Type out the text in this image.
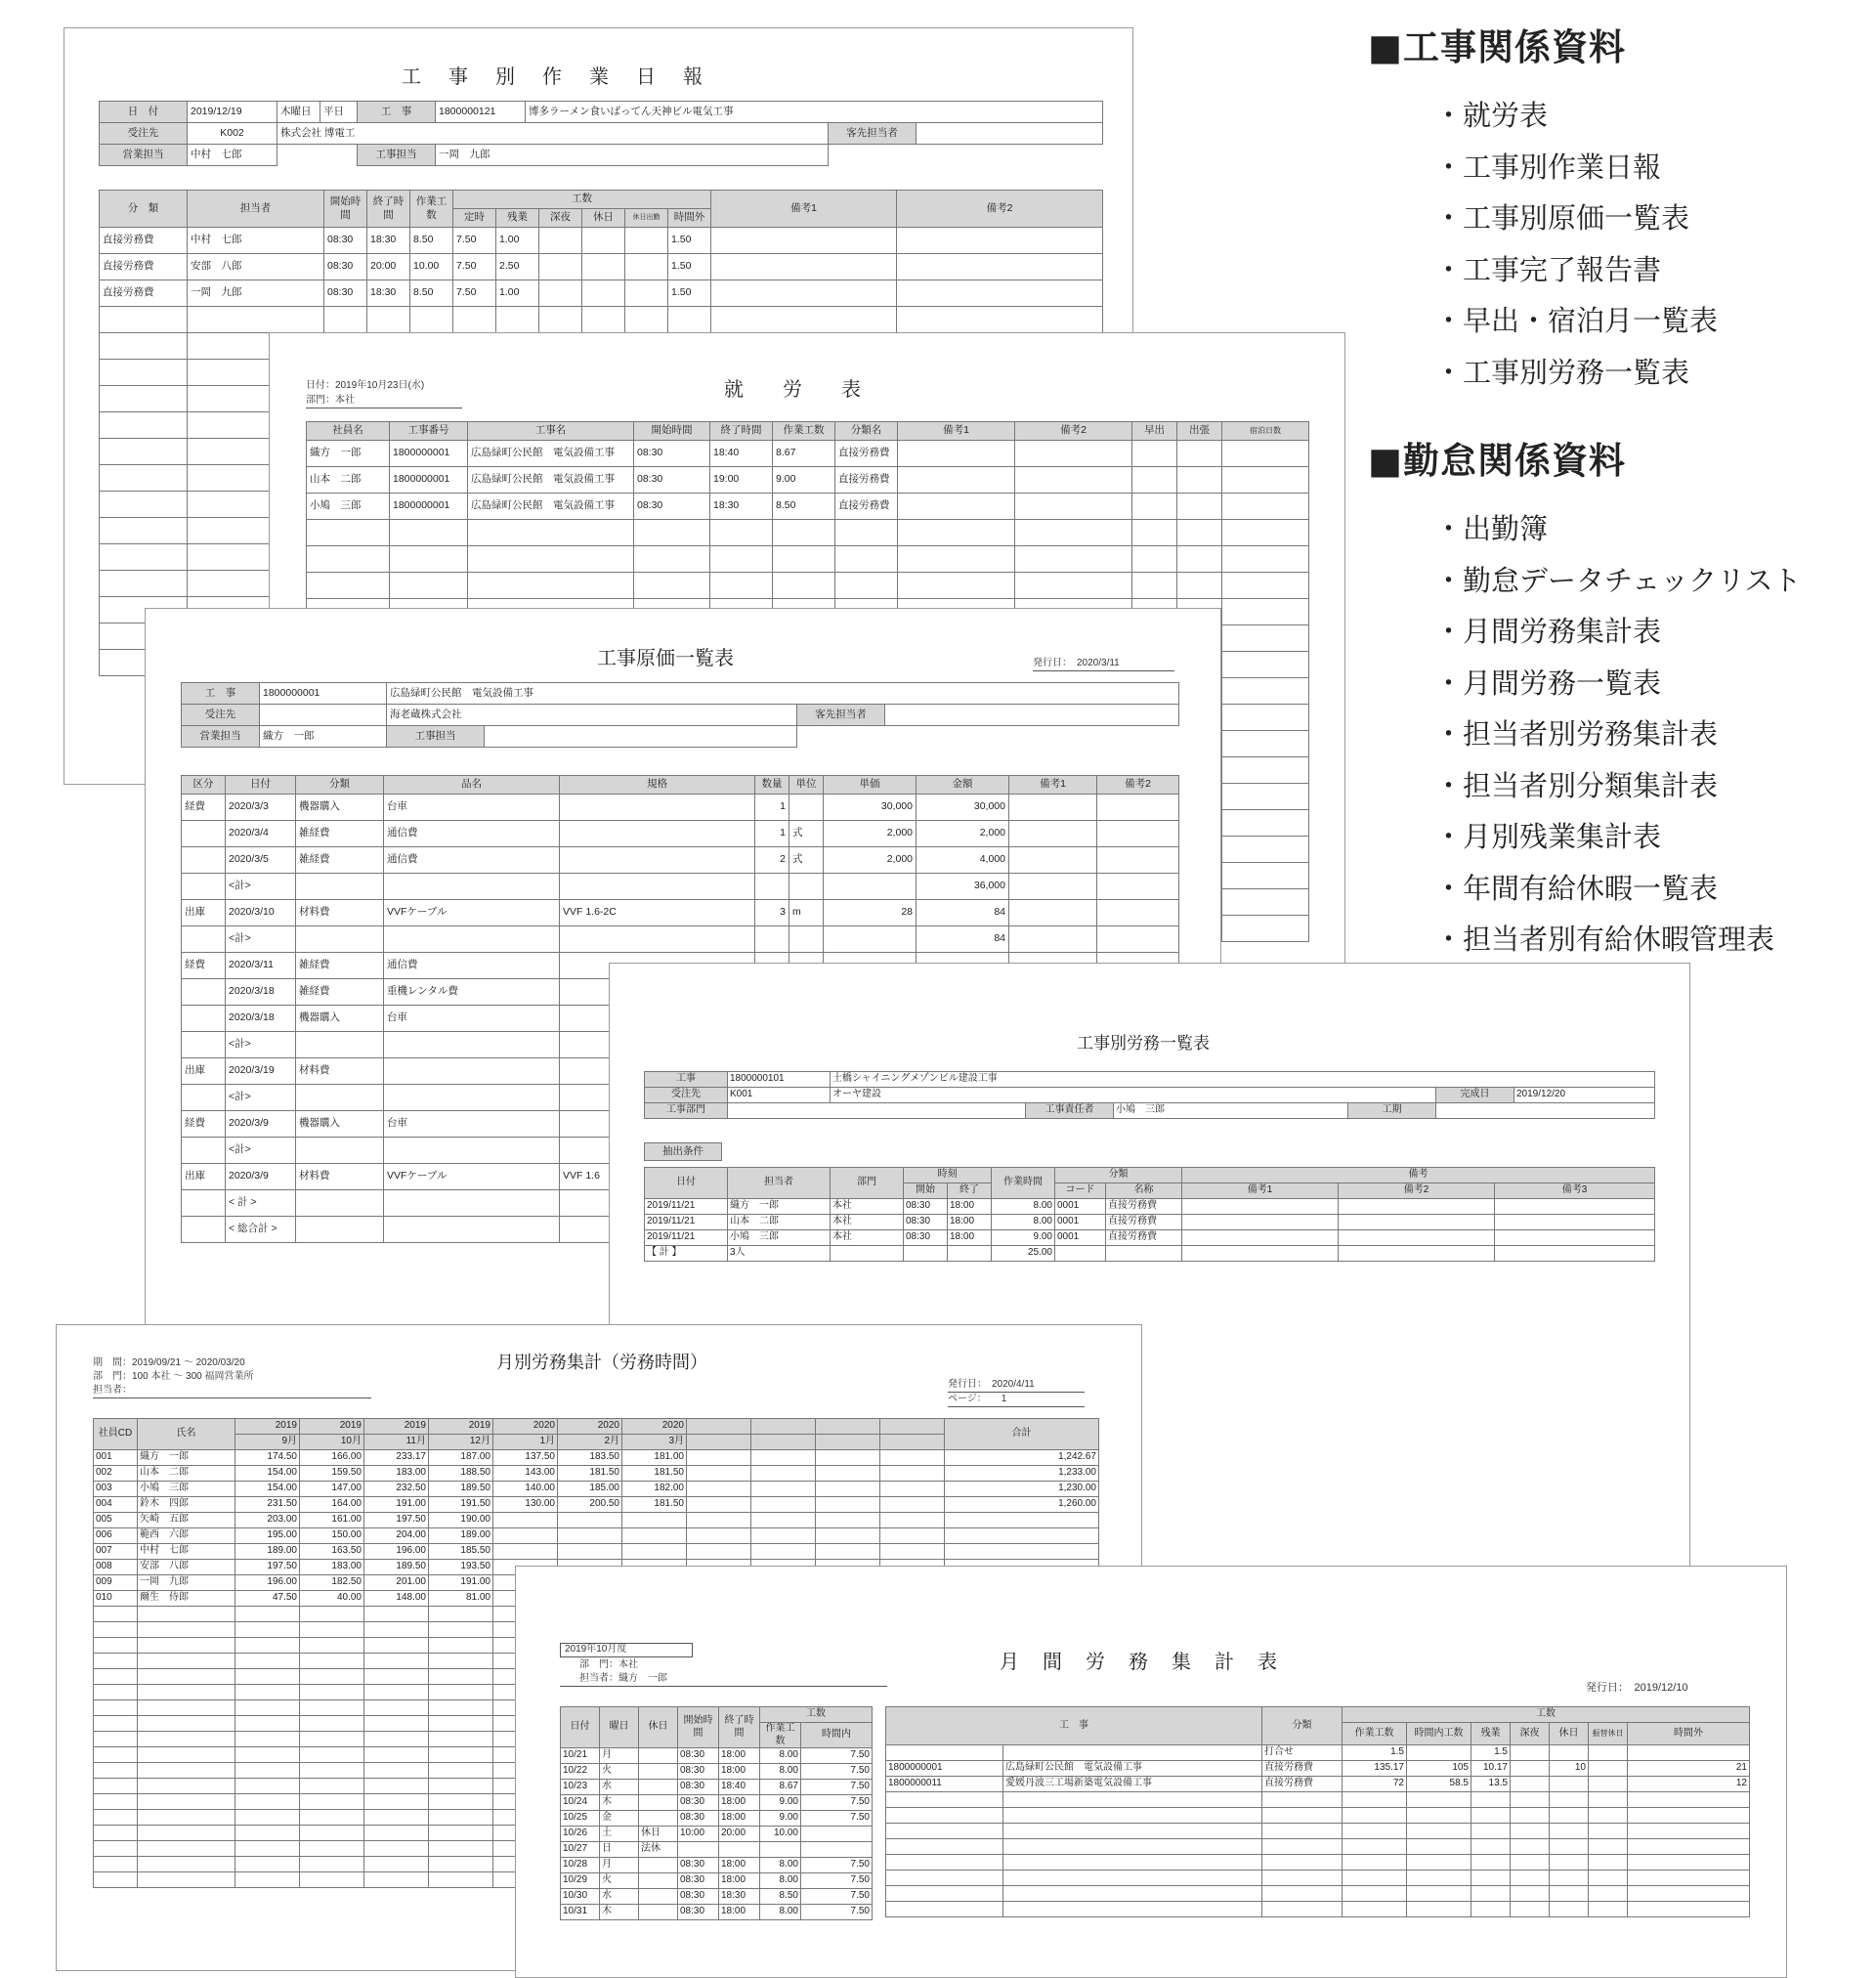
工　事　別　作　業　日　報
日　付	2019/12/19	木曜日	平日	工　事	1800000121	博多ラーメン食いばってん天神ビル電気工事		
受注先	K002	株式会社 博電工					客先担当者	
営業担当	中村　七郎			工事担当	一岡　九郎			
分　類	担当者	開始時間	終了時間	作業工数	工数						備考1	備考2
					定時	残業	深夜	休日	休日出勤	時間外		
直接労務費	中村　七郎	08:30	18:30	8.50	7.50	1.00				1.50		
直接労務費	安部　八郎	08:30	20:00	10.00	7.50	2.50				1.50		
直接労務費	一岡　九郎	08:30	18:30	8.50	7.50	1.00				1.50		

日付：2019年10月23日(水)
部門：本社	就　　労　　表
社員名	工事番号	工事名	開始時間	終了時間	作業工数	分類名	備考1	備考2	早出	出張	宿泊日数
織方　一郎	1800000001	広島緑町公民館　電気設備工事	08:30	18:40	8.67	直接労務費					
山本　二郎	1800000001	広島緑町公民館　電気設備工事	08:30	19:00	9.00	直接労務費					
小鳩　三郎	1800000001	広島緑町公民館　電気設備工事	08:30	18:30	8.50	直接労務費					

工事原価一覧表	発行日：　2020/3/11
工　事	1800000001	広島緑町公民館　電気設備工事			
受注先		海老蔵株式会社		客先担当者	
営業担当	織方　一郎	工事担当			
区分	日付	分類	品名	規格	数量	単位	単価	金額	備考1	備考2
経費	2020/3/3	機器購入	台車		1		30,000	30,000		
	2020/3/4	雑経費	通信費		1	式	2,000	2,000		
	2020/3/5	雑経費	通信費		2	式	2,000	4,000		
	<計>							36,000		
出庫	2020/3/10	材料費	VVFケーブル	VVF 1.6-2C	3	m	28	84		
	<計>							84		
経費	2020/3/11	雑経費	通信費							
	2020/3/18	雑経費	重機レンタル費							
	2020/3/18	機器購入	台車							
	<計>									
出庫	2020/3/19	材料費								
	<計>									
経費	2020/3/9	機器購入	台車							
	<計>									
出庫	2020/3/9	材料費	VVFケーブル	VVF 1.6						
	< 計 >									
	< 総合計 >									
工事別労務一覧表
工事	1800000101	土橋シャイニングメゾンビル建設工事					
受注先	K001	オーヤ建設				完成日	2019/12/20
工事部門			工事責任者	小鳩　三郎	工期		
抽出条件
日付	担当者	部門	時刻		作業時間	分類		備考		
			開始	終了		コード	名称	備考1	備考2	備考3
2019/11/21	織方　一郎	本社	08:30	18:00	8.00	0001	直接労務費			
2019/11/21	山本　二郎	本社	08:30	18:00	8.00	0001	直接労務費			
2019/11/21	小鳩　三郎	本社	08:30	18:00	9.00	0001	直接労務費			
【 計 】	3人				25.00					
期　間：2019/09/21 ～ 2020/03/20
部　門：100 本社 ～ 300 福岡営業所
担当者：
月別労務集計（労務時間）
発行日：　2020/4/11
ページ：　　1
社員CD	氏名	2019	2019	2019	2019	2020	2020	2020					合計
		9月	10月	11月	12月	1月	2月	3月					
001	織方　一郎	174.50	166.00	233.17	187.00	137.50	183.50	181.00					1,242.67
002	山本　二郎	154.00	159.50	183.00	188.50	143.00	181.50	181.50					1,233.00
003	小鳩　三郎	154.00	147.00	232.50	189.50	140.00	185.00	182.00					1,230.00
004	鈴木　四郎	231.50	164.00	191.00	191.50	130.00	200.50	181.50					1,260.00
005	矢崎　五郎	203.00	161.00	197.50	190.00								
006	範西　六郎	195.00	150.00	204.00	189.00								
007	中村　七郎	189.00	163.50	196.00	185.50								
008	安部　八郎	197.50	183.00	189.50	193.50								
009	一岡　九郎	196.00	182.50	201.00	191.00								
010	爾生　侍郎	47.50	40.00	148.00	81.00								

2019年10月度
部　門：本社
担当者：織方　一郎
月　間　労　務　集　計　表
発行日：　2019/12/10
日付	曜日	休日	開始時間	終了時間	工数	
					作業工数	時間内
10/21	月		08:30	18:00	8.00	7.50
10/22	火		08:30	18:00	8.00	7.50
10/23	水		08:30	18:40	8.67	7.50
10/24	木		08:30	18:00	9.00	7.50
10/25	金		08:30	18:00	9.00	7.50
10/26	土	休日	10:00	20:00	10.00	
10/27	日	法休				
10/28	月		08:30	18:00	8.00	7.50
10/29	火		08:30	18:00	8.00	7.50
10/30	水		08:30	18:30	8.50	7.50
10/31	木		08:30	18:00	8.00	7.50
工　事		分類	工数						
			作業工数	時間内工数	残業	深夜	休日	振替休日	時間外
		打合せ	1.5		1.5				
1800000001	広島緑町公民館　電気設備工事	直接労務費	135.17	105	10.17		10		21
1800000011	愛媛丹波三工場新築電気設備工事	直接労務費	72	58.5	13.5				12

■工事関係資料
・就労表
・工事別作業日報
・工事別原価一覧表
・工事完了報告書
・早出・宿泊月一覧表
・工事別労務一覧表
■勤怠関係資料
・出勤簿
・勤怠データチェックリスト
・月間労務集計表
・月間労務一覧表
・担当者別労務集計表
・担当者別分類集計表
・月別残業集計表
・年間有給休暇一覧表
・担当者別有給休暇管理表
